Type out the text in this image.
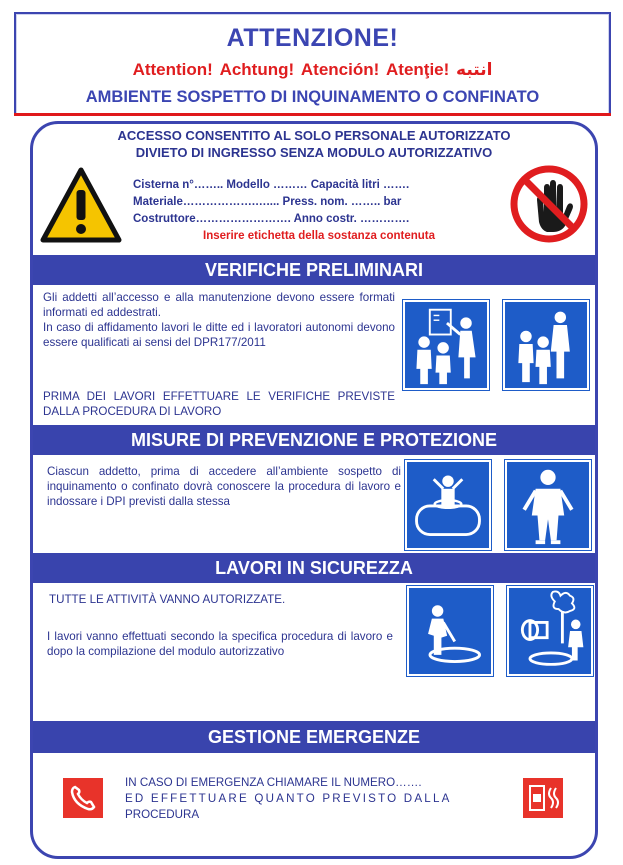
ATTENZIONE!
Attention! Achtung! Atención! Atenţie! انتبه
AMBIENTE SOSPETTO DI INQUINAMENTO O CONFINATO
ACCESSO CONSENTITO AL SOLO PERSONALE AUTORIZZATO
DIVIETO DI INGRESSO SENZA MODULO AUTORIZZATIVO
Cisterna n°…….. Modello ……… Capacità litri …….
Materiale……………….….... Press. nom. …….. bar
Costruttore……………………. Anno costr. ………….
Inserire etichetta della sostanza contenuta
VERIFICHE PRELIMINARI
Gli addetti all’accesso e alla manutenzione devono essere formati informati ed addestrati.
In caso di affidamento lavori le ditte ed i lavoratori autonomi devono essere qualificati ai sensi del DPR177/2011
PRIMA DEI LAVORI EFFETTUARE LE VERIFICHE PREVISTE DALLA PROCEDURA DI LAVORO
MISURE DI PREVENZIONE E PROTEZIONE
Ciascun addetto, prima di accedere all’ambiente sospetto di inquinamento o confinato dovrà conoscere la procedura di lavoro e indossare i DPI previsti dalla stessa
LAVORI IN SICUREZZA
TUTTE LE ATTIVITÀ VANNO AUTORIZZATE.
I lavori vanno effettuati secondo la specifica procedura di lavoro e dopo la compilazione del modulo autorizzativo
GESTIONE EMERGENZE
IN CASO DI EMERGENZA CHIAMARE IL NUMERO…….
ED EFFETTUARE QUANTO PREVISTO DALLA
PROCEDURA
